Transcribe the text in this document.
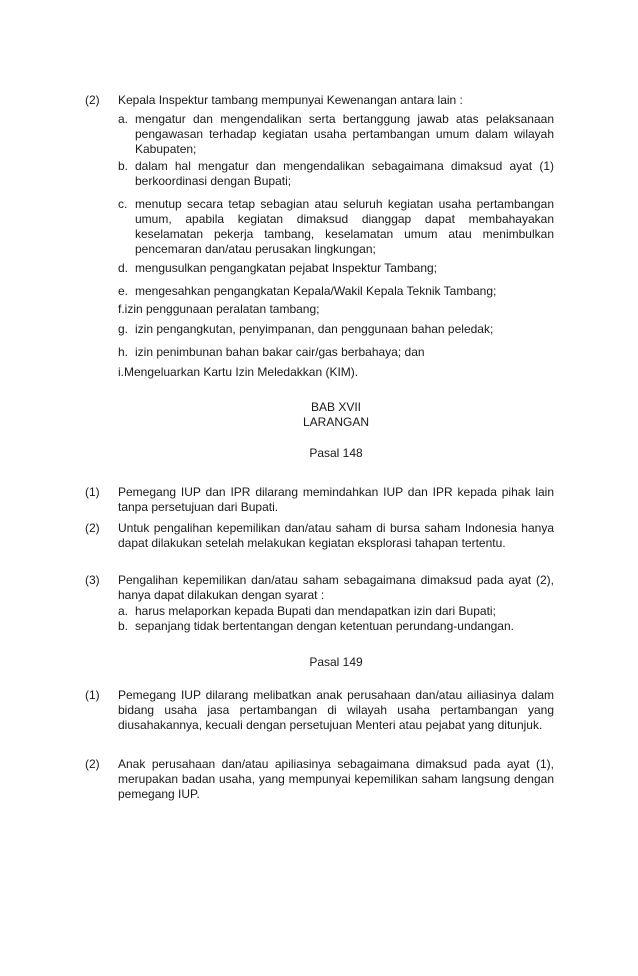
(2) Kepala Inspektur tambang mempunyai Kewenangan antara lain :
a. mengatur dan mengendalikan serta bertanggung jawab atas pelaksanaan pengawasan terhadap kegiatan usaha pertambangan umum dalam wilayah Kabupaten;
b. dalam hal mengatur dan mengendalikan sebagaimana dimaksud ayat (1) berkoordinasi dengan Bupati;
c. menutup secara tetap sebagian atau seluruh kegiatan usaha pertambangan umum, apabila kegiatan dimaksud dianggap dapat membahayakan keselamatan pekerja tambang, keselamatan umum atau menimbulkan pencemaran dan/atau perusakan lingkungan;
d. mengusulkan pengangkatan pejabat Inspektur Tambang;
e. mengesahkan pengangkatan Kepala/Wakil Kepala Teknik Tambang;
f.izin penggunaan peralatan tambang;
g. izin pengangkutan, penyimpanan, dan penggunaan bahan peledak;
h. izin penimbunan bahan bakar cair/gas berbahaya; dan
i.Mengeluarkan Kartu Izin Meledakkan (KIM).
BAB XVII
LARANGAN
Pasal 148
(1) Pemegang IUP dan IPR dilarang memindahkan IUP dan IPR kepada pihak lain tanpa persetujuan dari Bupati.
(2) Untuk pengalihan kepemilikan dan/atau saham di bursa saham Indonesia hanya dapat dilakukan setelah melakukan kegiatan eksplorasi tahapan tertentu.
(3) Pengalihan kepemilikan dan/atau saham sebagaimana dimaksud pada ayat (2), hanya dapat dilakukan dengan syarat :
a. harus melaporkan kepada Bupati dan mendapatkan izin dari Bupati;
b. sepanjang tidak bertentangan dengan ketentuan perundang-undangan.
Pasal 149
(1) Pemegang IUP dilarang melibatkan anak perusahaan dan/atau ailiasinya dalam bidang usaha jasa pertambangan di wilayah usaha pertambangan yang diusahakannya, kecuali dengan persetujuan Menteri atau pejabat yang ditunjuk.
(2) Anak perusahaan dan/atau apiliasinya sebagaimana dimaksud pada ayat (1), merupakan badan usaha, yang mempunyai kepemilikan saham langsung dengan pemegang IUP.
